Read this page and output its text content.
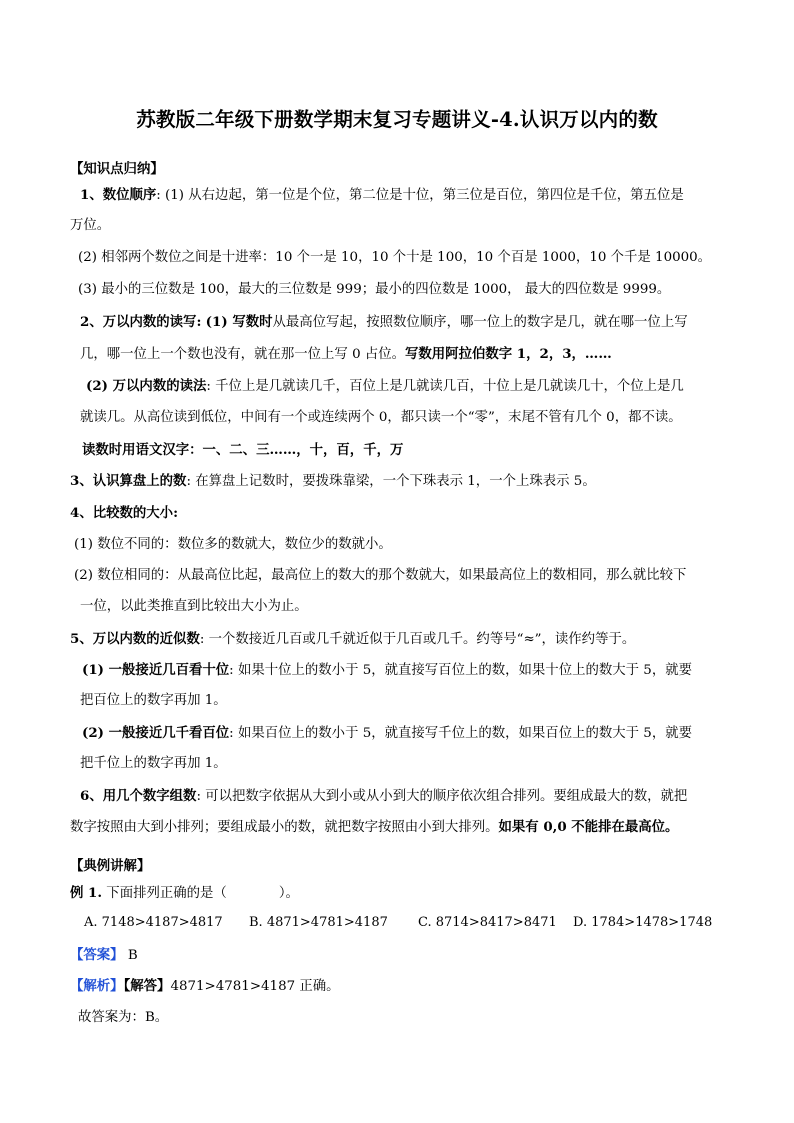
苏教版二年级下册数学期末复习专题讲义-4.认识万以内的数
【知识点归纳】
1、数位顺序: (1) 从右边起，第一位是个位，第二位是十位，第三位是百位，第四位是千位，第五位是
万位。
(2) 相邻两个数位之间是十进率：10 个一是 10，10 个十是 100，10 个百是 1000，10 个千是 10000。
(3) 最小的三位数是 100，最大的三位数是 999；最小的四位数是 1000， 最大的四位数是 9999。
2、万以内数的读写: (1) 写数时从最高位写起，按照数位顺序，哪一位上的数字是几，就在哪一位上写
几，哪一位上一个数也没有，就在那一位上写 0 占位。写数用阿拉伯数字 1，2，3，……
(2) 万以内数的读法: 千位上是几就读几千，百位上是几就读几百，十位上是几就读几十，个位上是几
就读几。从高位读到低位，中间有一个或连续两个 0，都只读一个“零”，末尾不管有几个 0，都不读。
读数时用语文汉字：一、二、三……，十，百，千，万
3、认识算盘上的数: 在算盘上记数时，要拨珠靠梁，一个下珠表示 1，一个上珠表示 5。
4、比较数的大小:
(1) 数位不同的：数位多的数就大，数位少的数就小。
(2) 数位相同的：从最高位比起，最高位上的数大的那个数就大，如果最高位上的数相同，那么就比较下
一位，以此类推直到比较出大小为止。
5、万以内数的近似数: 一个数接近几百或几千就近似于几百或几千。约等号“≈”，读作约等于。
(1) 一般接近几百看十位: 如果十位上的数小于 5，就直接写百位上的数，如果十位上的数大于 5，就要
把百位上的数字再加 1。
(2) 一般接近几千看百位: 如果百位上的数小于 5，就直接写千位上的数，如果百位上的数大于 5，就要
把千位上的数字再加 1。
6、用几个数字组数: 可以把数字依据从大到小或从小到大的顺序依次组合排列。要组成最大的数，就把
数字按照由大到小排列；要组成最小的数，就把数字按照由小到大排列。如果有 0,0 不能排在最高位。
【典例讲解】
例 1. 下面排列正确的是（	）。
A. 7148>4187>4817 B. 4871>4781>4187 C. 8714>8417>8471 D. 1784>1478>1748
【答案】 B
【解析】【解答】4871>4781>4187 正确。
故答案为：B。
